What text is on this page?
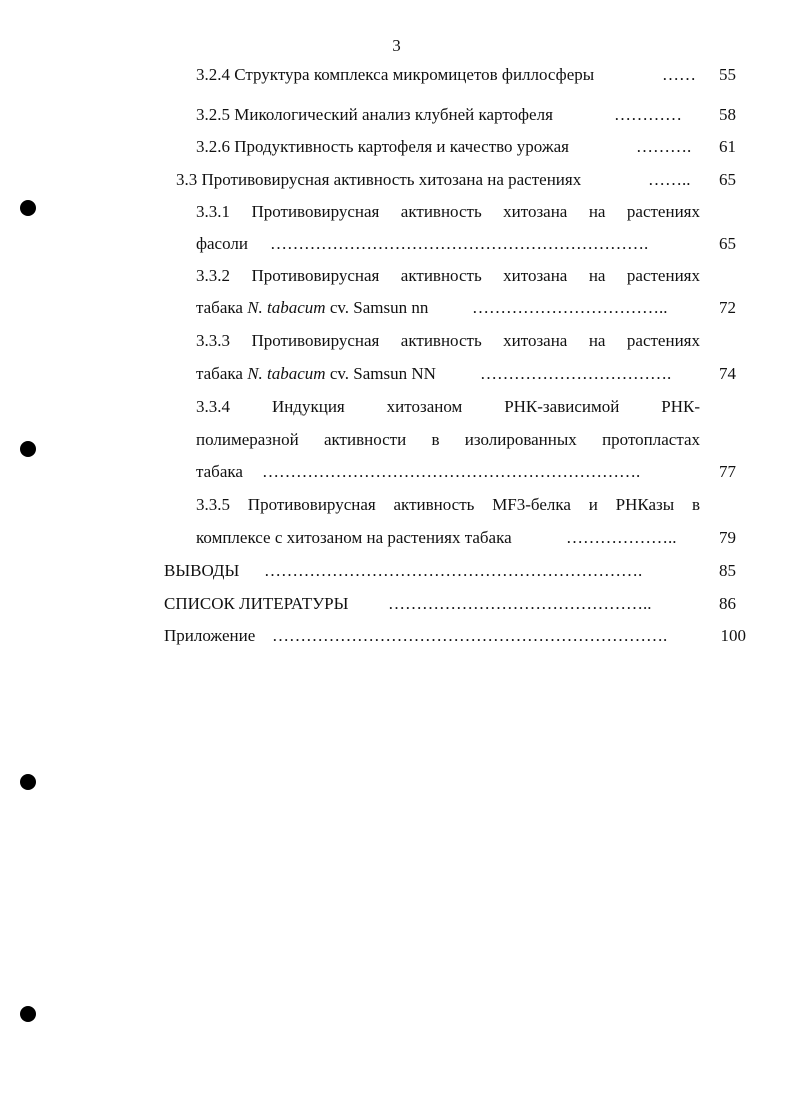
3
3.2.4 Структура комплекса микромицетов филлосферы	……	55
3.2.5 Микологический анализ клубней картофеля	…………	58
3.2.6 Продуктивность картофеля и качество урожая	……….	61
3.3 Противовирусная активность хитозана на растениях	……..	65
3.3.1 Противовирусная активность хитозана на растениях
фасоли ………………………………………………………….	65
3.3.2 Противовирусная активность хитозана на растениях
табака N. tabacum cv. Samsun nn	……………………………..	72
3.3.3 Противовирусная активность хитозана на растениях
табака N. tabacum cv. Samsun NN	…………………………….	74
3.3.4 Индукция хитозаном РНК-зависимой РНК-
полимеразной активности в изолированных протопластах
табака ………………………………………………………….	77
3.3.5 Противовирусная активность MF3-белка и РНКазы в
комплексе с хитозаном на растениях табака	………………..	79
ВЫВОДЫ ………………………………………………………….	85
СПИСОК ЛИТЕРАТУРЫ ………………………………………..	86
Приложение …………………………………………………………….	100
